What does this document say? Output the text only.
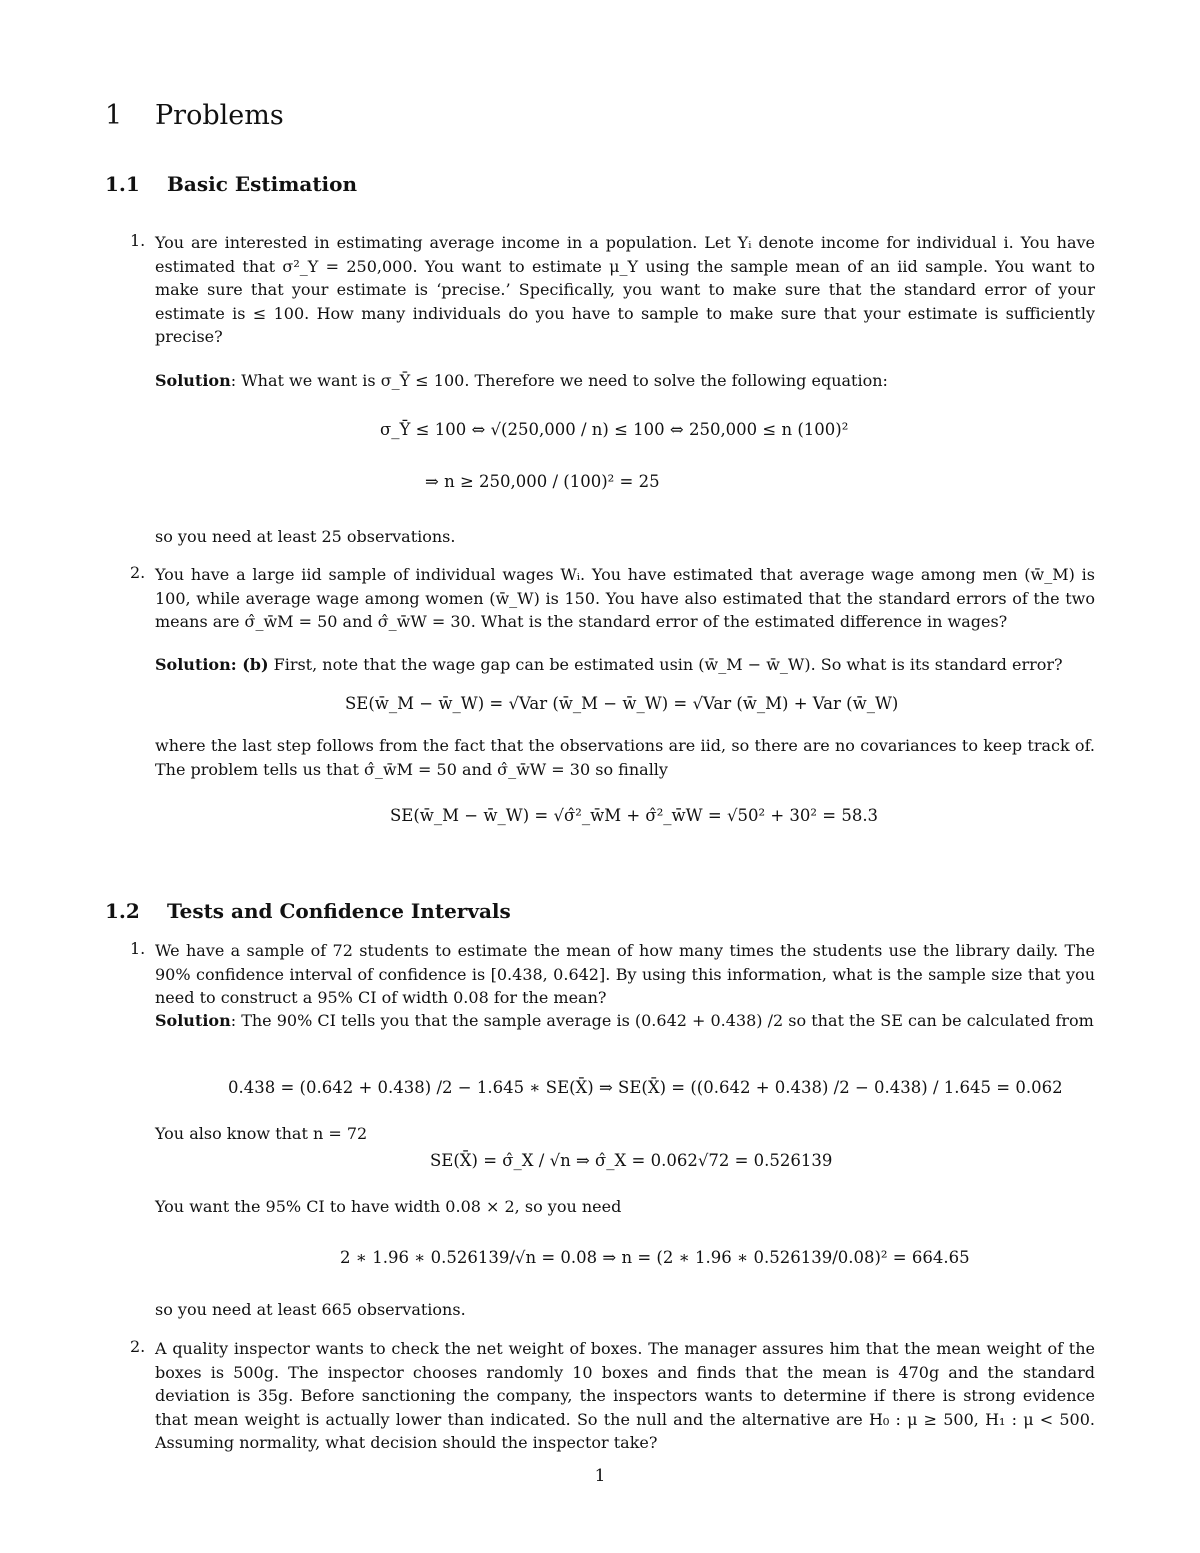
1 Problems
1.1 Basic Estimation
1. You are interested in estimating average income in a population. Let Yᵢ denote income for individual i. You have estimated that σ²_Y = 250,000. You want to estimate μ_Y using the sample mean of an iid sample. You want to make sure that your estimate is ‘precise.’ Specifically, you want to make sure that the standard error of your estimate is ≤ 100. How many individuals do you have to sample to make sure that your estimate is sufficiently precise?

Solution: What we want is σ_Ȳ ≤ 100. Therefore we need to solve the following equation:

σ_Ȳ ≤ 100 ⇔ √(250,000 / n) ≤ 100 ⇔ 250,000 ≤ n (100)²
⇒ n ≥ 250,000 / (100)² = 25

so you need at least 25 observations.

2. You have a large iid sample of individual wages Wᵢ. You have estimated that average wage among men (w̄_M) is 100, while average wage among women (w̄_W) is 150. You have also estimated that the standard errors of the two means are σ̂_w̄M = 50 and σ̂_w̄W = 30. What is the standard error of the estimated difference in wages?

Solution: (b) First, note that the wage gap can be estimated usin (w̄_M − w̄_W). So what is its standard error?

SE(w̄_M − w̄_W) = √Var (w̄_M − w̄_W) = √Var (w̄_M) + Var (w̄_W)

where the last step follows from the fact that the observations are iid, so there are no covariances to keep track of. The problem tells us that σ̂_w̄M = 50 and σ̂_w̄W = 30 so finally

SE(w̄_M − w̄_W) = √σ̂²_w̄M + σ̂²_w̄W = √50² + 30² = 58.3
1.2 Tests and Confidence Intervals
1. We have a sample of 72 students to estimate the mean of how many times the students use the library daily. The 90% confidence interval of confidence is [0.438, 0.642]. By using this information, what is the sample size that you need to construct a 95% CI of width 0.08 for the mean?

Solution: The 90% CI tells you that the sample average is (0.642 + 0.438) /2 so that the SE can be calculated from

0.438 = (0.642 + 0.438) /2 − 1.645 ∗ SE(X̄) ⇒ SE(X̄) = ((0.642 + 0.438) /2 − 0.438) / 1.645 = 0.062

You also know that n = 72

SE(X̄) = σ̂_X / √n ⇒ σ̂_X = 0.062√72 = 0.526139

You want the 95% CI to have width 0.08 × 2, so you need

2 ∗ 1.96 ∗ 0.526139/√n = 0.08 ⇒ n = (2 ∗ 1.96 ∗ 0.526139/0.08)² = 664.65

so you need at least 665 observations.

2. A quality inspector wants to check the net weight of boxes. The manager assures him that the mean weight of the boxes is 500g. The inspector chooses randomly 10 boxes and finds that the mean is 470g and the standard deviation is 35g. Before sanctioning the company, the inspectors wants to determine if there is strong evidence that mean weight is actually lower than indicated. So the null and the alternative are H₀ : μ ≥ 500, H₁ : μ < 500. Assuming normality, what decision should the inspector take?

1
